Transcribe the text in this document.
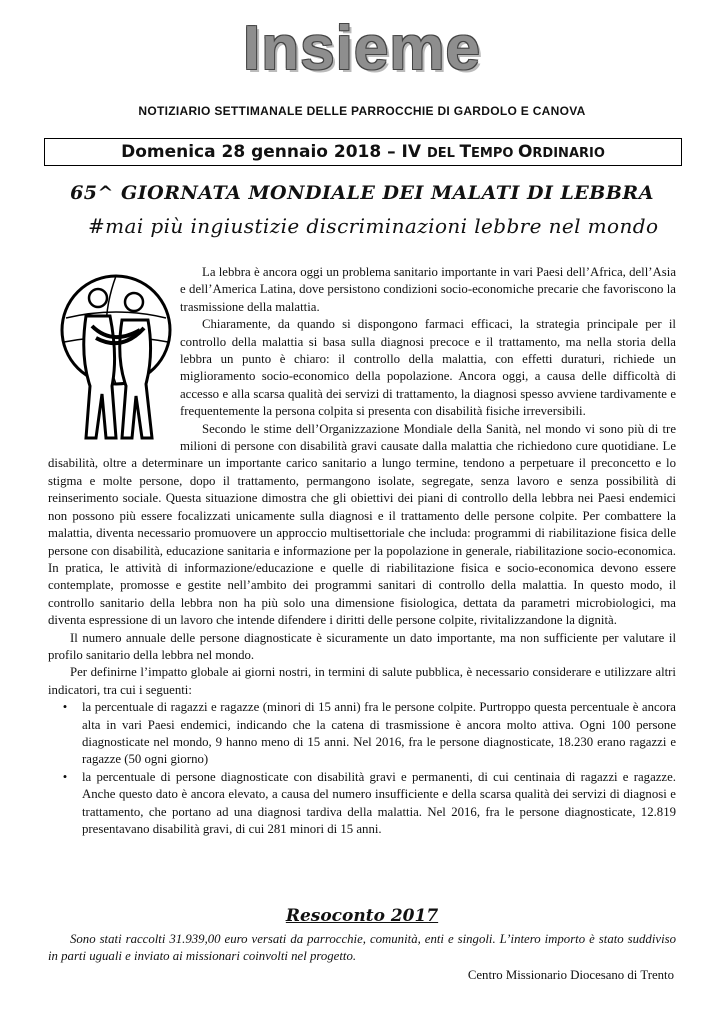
Insieme
NOTIZIARIO SETTIMANALE DELLE PARROCCHIE DI GARDOLO E CANOVA
Domenica 28 gennaio 2018 – IV DEL TEMPO ORDINARIO
65^ GIORNATA MONDIALE DEI MALATI DI LEBBRA
#mai più ingiustizie discriminazioni lebbre nel mondo

La lebbra è ancora oggi un problema sanitario importante in vari Paesi dell’Africa, dell’Asia e dell’America Latina, dove persistono condizioni socio-economiche precarie che favoriscono la trasmissione della malattia.

Chiaramente, da quando si dispongono farmaci efficaci, la strategia principale per il controllo della malattia si basa sulla diagnosi precoce e il trattamento, ma nella storia della lebbra un punto è chiaro: il controllo della malattia, con effetti duraturi, richiede un miglioramento socio-economico della popolazione. Ancora oggi, a causa delle difficoltà di accesso e alla scarsa qualità dei servizi di trattamento, la diagnosi spesso avviene tardivamente e frequentemente la persona colpita si presenta con disabilità fisiche irreversibili.

Secondo le stime dell’Organizzazione Mondiale della Sanità, nel mondo vi sono più di tre milioni di persone con disabilità gravi causate dalla malattia che richiedono cure quotidiane. Le disabilità, oltre a determinare un importante carico sanitario a lungo termine, tendono a perpetuare il preconcetto e lo stigma e molte persone, dopo il trattamento, permangono isolate, segregate, senza lavoro e senza possibilità di reinserimento sociale. Questa situazione dimostra che gli obiettivi dei piani di controllo della lebbra nei Paesi endemici non possono più essere focalizzati unicamente sulla diagnosi e il trattamento delle persone colpite. Per combattere la malattia, diventa necessario promuovere un approccio multisettoriale che includa: programmi di riabilitazione fisica delle persone con disabilità, educazione sanitaria e informazione per la popolazione in generale, riabilitazione socio-economica. In pratica, le attività di informazione/educazione e quelle di riabilitazione fisica e socio-economica devono essere contemplate, promosse e gestite nell’ambito dei programmi sanitari di controllo della malattia. In questo modo, il controllo sanitario della lebbra non ha più solo una dimensione fisiologica, dettata da parametri microbiologici, ma diventa espressione di un lavoro che intende difendere i diritti delle persone colpite, rivitalizzandone la dignità.

Il numero annuale delle persone diagnosticate è sicuramente un dato importante, ma non sufficiente per valutare il profilo sanitario della lebbra nel mondo.

Per definirne l’impatto globale ai giorni nostri, in termini di salute pubblica, è necessario considerare e utilizzare altri indicatori, tra cui i seguenti:

•	la percentuale di ragazzi e ragazze (minori di 15 anni) fra le persone colpite. Purtroppo questa percentuale è ancora alta in vari Paesi endemici, indicando che la catena di trasmissione è ancora molto attiva. Ogni 100 persone diagnosticate nel mondo, 9 hanno meno di 15 anni. Nel 2016, fra le persone diagnosticate, 18.230 erano ragazzi e ragazze (50 ogni giorno)
•	la percentuale di persone diagnosticate con disabilità gravi e permanenti, di cui centinaia di ragazzi e ragazze. Anche questo dato è ancora elevato, a causa del numero insufficiente e della scarsa qualità dei servizi di diagnosi e trattamento, che portano ad una diagnosi tardiva della malattia. Nel 2016, fra le persone diagnosticate, 12.819 presentavano disabilità gravi, di cui 281 minori di 15 anni.
Resoconto 2017
Sono stati raccolti 31.939,00 euro versati da parrocchie, comunità, enti e singoli. L’intero importo è stato suddiviso in parti uguali e inviato ai missionari coinvolti nel progetto.
Centro Missionario Diocesano di Trento
